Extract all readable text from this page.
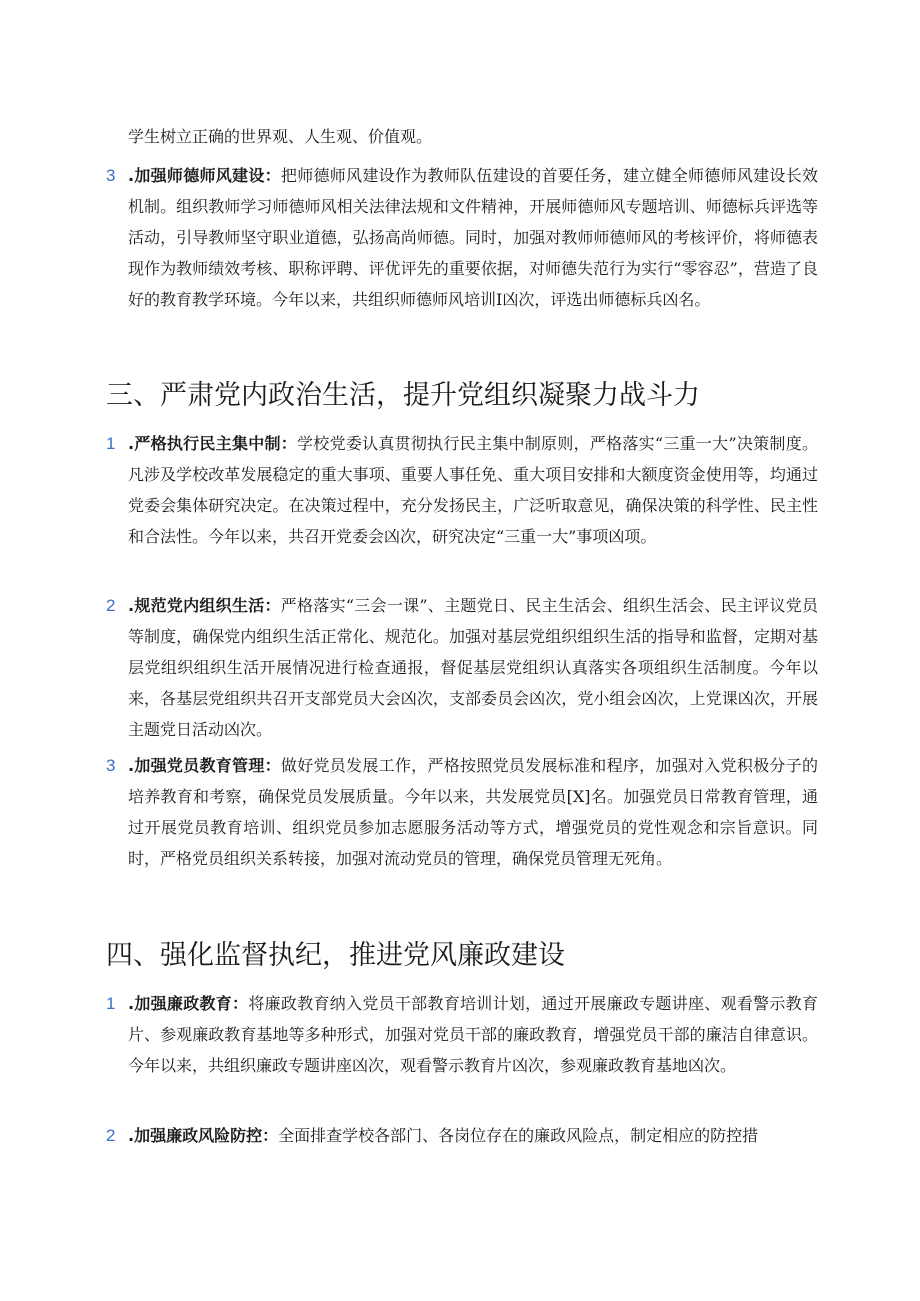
学生树立正确的世界观、人生观、价值观。
3 .加强师德师风建设：把师德师风建设作为教师队伍建设的首要任务，建立健全师德师风建设长效机制。组织教师学习师德师风相关法律法规和文件精神，开展师德师风专题培训、师德标兵评选等活动，引导教师坚守职业道德，弘扬高尚师德。同时，加强对教师师德师风的考核评价，将师德表现作为教师绩效考核、职称评聘、评优评先的重要依据，对师德失范行为实行“零容忍”，营造了良好的教育教学环境。今年以来，共组织师德师风培训I凶次，评选出师德标兵凶名。
三、严肃党内政治生活，提升党组织凝聚力战斗力
1 .严格执行民主集中制：学校党委认真贯彻执行民主集中制原则，严格落实“三重一大”决策制度。凡涉及学校改革发展稳定的重大事项、重要人事任免、重大项目安排和大额度资金使用等，均通过党委会集体研究决定。在决策过程中，充分发扬民主，广泛听取意见，确保决策的科学性、民主性和合法性。今年以来，共召开党委会凶次，研究决定“三重一大”事项凶项。
2 .规范党内组织生活：严格落实“三会一课”、主题党日、民主生活会、组织生活会、民主评议党员等制度，确保党内组织生活正常化、规范化。加强对基层党组织组织生活的指导和监督，定期对基层党组织组织生活开展情况进行检查通报，督促基层党组织认真落实各项组织生活制度。今年以来，各基层党组织共召开支部党员大会凶次，支部委员会凶次，党小组会凶次，上党课凶次，开展主题党日活动凶次。
3 .加强党员教育管理：做好党员发展工作，严格按照党员发展标准和程序，加强对入党积极分子的培养教育和考察，确保党员发展质量。今年以来，共发展党员[X]名。加强党员日常教育管理，通过开展党员教育培训、组织党员参加志愿服务活动等方式，增强党员的党性观念和宗旨意识。同时，严格党员组织关系转接，加强对流动党员的管理，确保党员管理无死角。
四、强化监督执纪，推进党风廉政建设
1 .加强廉政教育：将廉政教育纳入党员干部教育培训计划，通过开展廉政专题讲座、观看警示教育片、参观廉政教育基地等多种形式，加强对党员干部的廉政教育，增强党员干部的廉洁自律意识。今年以来，共组织廉政专题讲座凶次，观看警示教育片凶次，参观廉政教育基地凶次。
2 .加强廉政风险防控：全面排查学校各部门、各岗位存在的廉政风险点，制定相应的防控措
